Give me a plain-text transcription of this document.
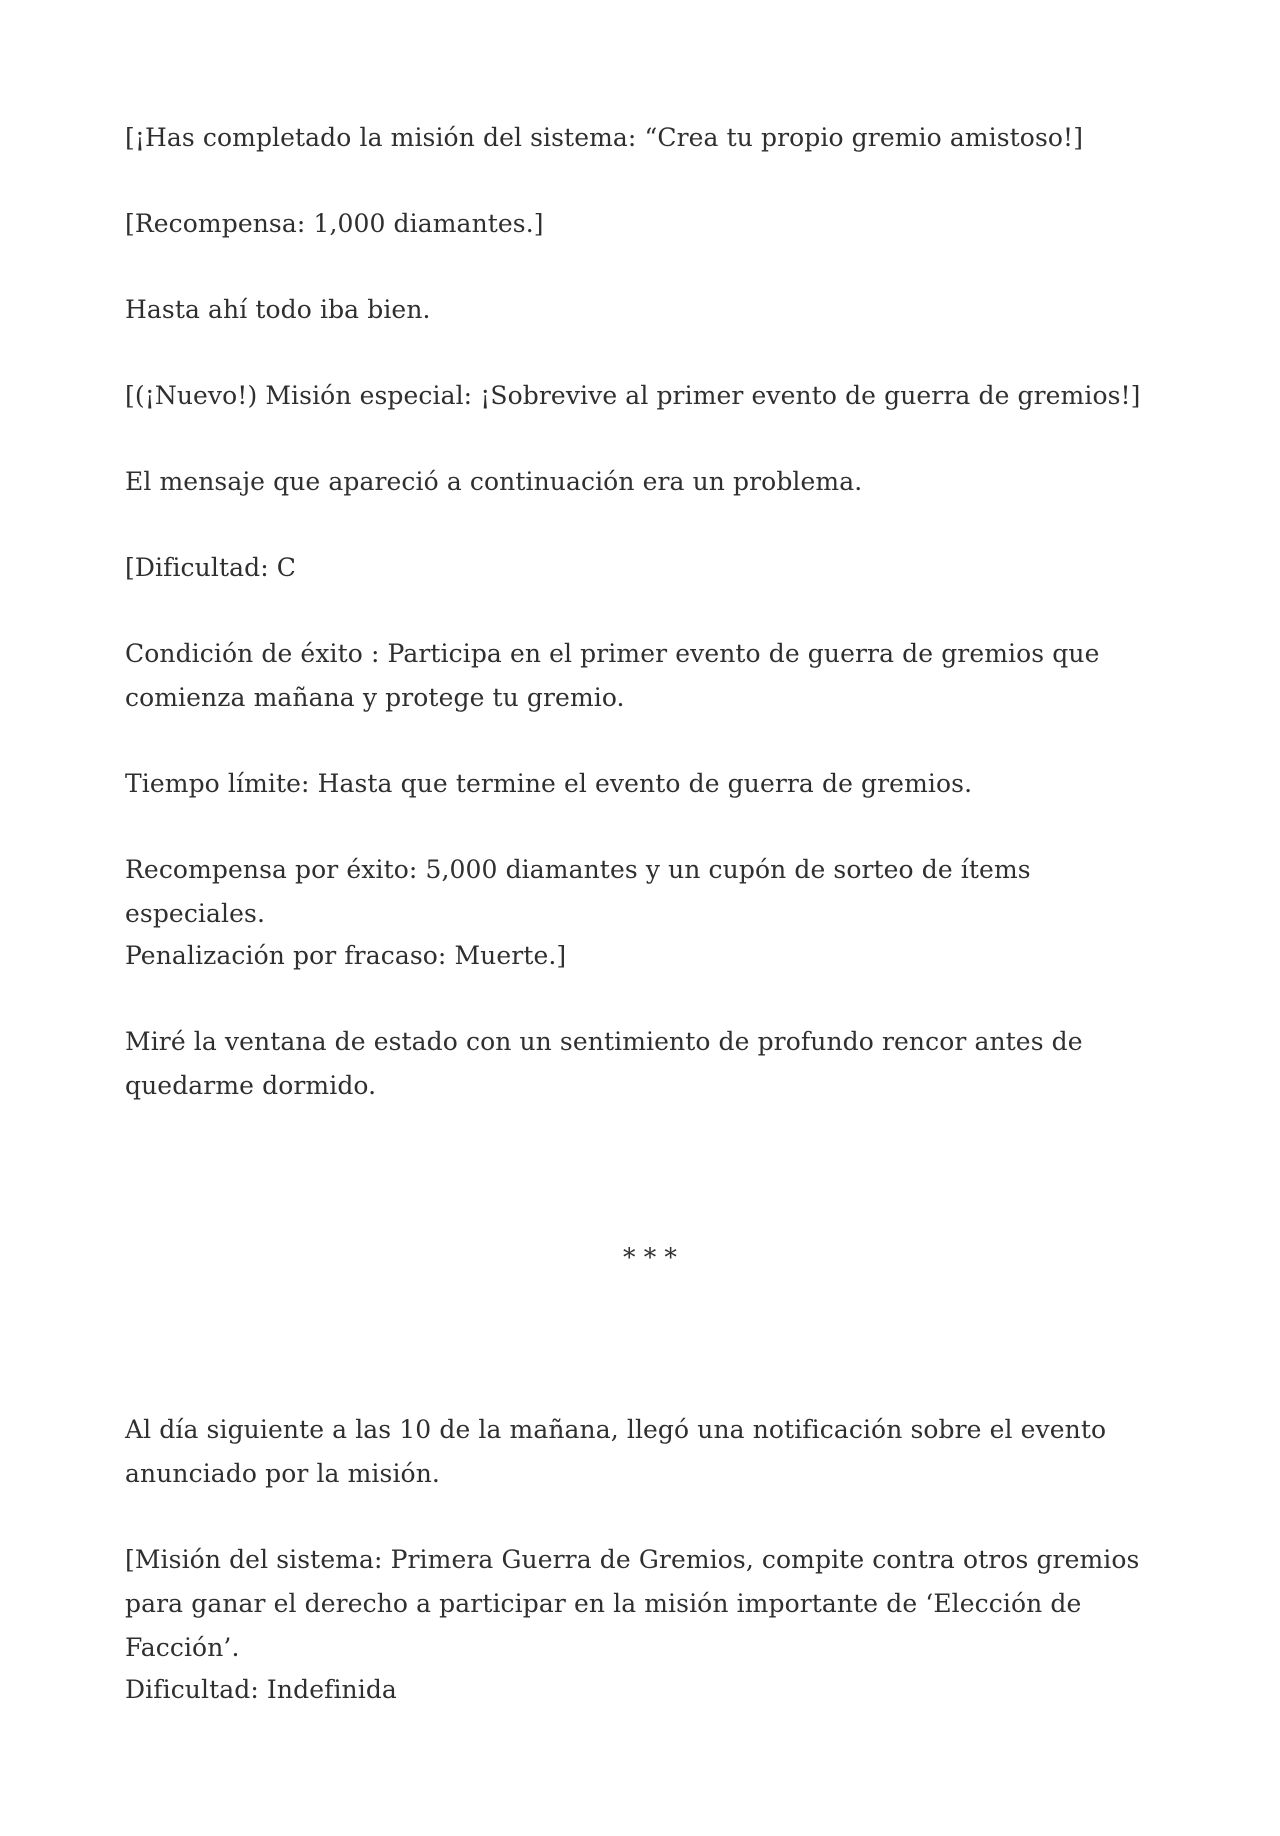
[¡Has completado la misión del sistema: “Crea tu propio gremio amistoso!]

[Recompensa: 1,000 diamantes.]

Hasta ahí todo iba bien.

[(¡Nuevo!) Misión especial: ¡Sobrevive al primer evento de guerra de gremios!]

El mensaje que apareció a continuación era un problema.

[Dificultad: C

Condición de éxito : Participa en el primer evento de guerra de gremios que comienza mañana y protege tu gremio.

Tiempo límite: Hasta que termine el evento de guerra de gremios.

Recompensa por éxito: 5,000 diamantes y un cupón de sorteo de ítems especiales.

Penalización por fracaso: Muerte.]

Miré la ventana de estado con un sentimiento de profundo rencor antes de quedarme dormido.

* * *

Al día siguiente a las 10 de la mañana, llegó una notificación sobre el evento anunciado por la misión.

[Misión del sistema: Primera Guerra de Gremios, compite contra otros gremios para ganar el derecho a participar en la misión importante de ‘Elección de Facción’.

Dificultad: Indefinida
